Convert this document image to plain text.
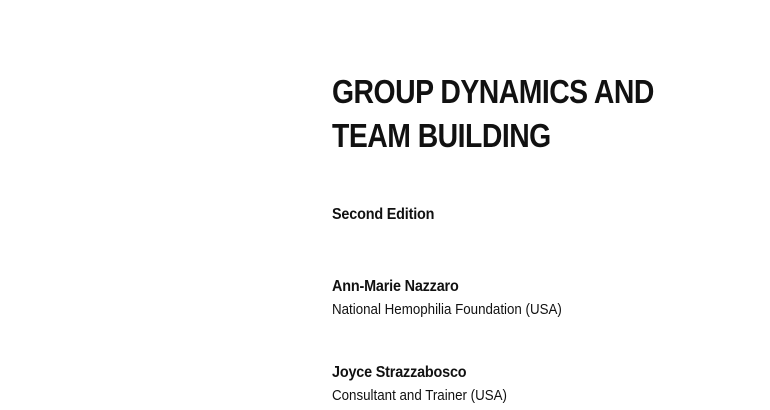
GROUP DYNAMICS AND
TEAM BUILDING
Second Edition
Ann-Marie Nazzaro
National Hemophilia Foundation (USA)
Joyce Strazzabosco
Consultant and Trainer (USA)
